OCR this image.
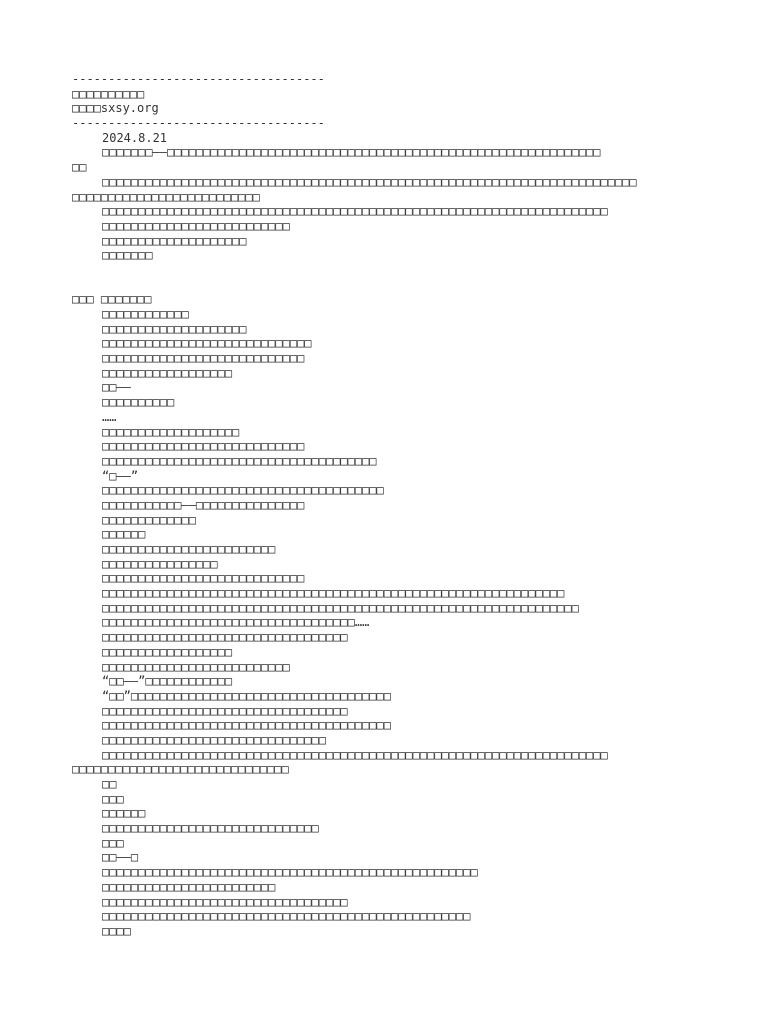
-----------------------------------
□□□□□□□□□□
□□□□sxsy.org
-----------------------------------
2024.8.21
□□□□□□□——□□□□□□□□□□□□□□□□□□□□□□□□□□□□□□□□□□□□□□□□□□□□□□□□□□□□□□□□□□□□
□□
□□□□□□□□□□□□□□□□□□□□□□□□□□□□□□□□□□□□□□□□□□□□□□□□□□□□□□□□□□□□□□□□□□□□□□□□□□
□□□□□□□□□□□□□□□□□□□□□□□□□□
□□□□□□□□□□□□□□□□□□□□□□□□□□□□□□□□□□□□□□□□□□□□□□□□□□□□□□□□□□□□□□□□□□□□□□
□□□□□□□□□□□□□□□□□□□□□□□□□□
□□□□□□□□□□□□□□□□□□□□
□□□□□□□
□□□ □□□□□□□
□□□□□□□□□□□□
□□□□□□□□□□□□□□□□□□□□
□□□□□□□□□□□□□□□□□□□□□□□□□□□□□
□□□□□□□□□□□□□□□□□□□□□□□□□□□□
□□□□□□□□□□□□□□□□□□
□□——
□□□□□□□□□□
……
□□□□□□□□□□□□□□□□□□□
□□□□□□□□□□□□□□□□□□□□□□□□□□□□
□□□□□□□□□□□□□□□□□□□□□□□□□□□□□□□□□□□□□□
“□——”
□□□□□□□□□□□□□□□□□□□□□□□□□□□□□□□□□□□□□□□
□□□□□□□□□□□——□□□□□□□□□□□□□□□
□□□□□□□□□□□□□
□□□□□□
□□□□□□□□□□□□□□□□□□□□□□□□
□□□□□□□□□□□□□□□□
□□□□□□□□□□□□□□□□□□□□□□□□□□□□
□□□□□□□□□□□□□□□□□□□□□□□□□□□□□□□□□□□□□□□□□□□□□□□□□□□□□□□□□□□□□□□□
□□□□□□□□□□□□□□□□□□□□□□□□□□□□□□□□□□□□□□□□□□□□□□□□□□□□□□□□□□□□□□□□□□
□□□□□□□□□□□□□□□□□□□□□□□□□□□□□□□□□□□……
□□□□□□□□□□□□□□□□□□□□□□□□□□□□□□□□□□
□□□□□□□□□□□□□□□□□□
□□□□□□□□□□□□□□□□□□□□□□□□□□
“□□——”□□□□□□□□□□□□
“□□”□□□□□□□□□□□□□□□□□□□□□□□□□□□□□□□□□□□□
□□□□□□□□□□□□□□□□□□□□□□□□□□□□□□□□□□
□□□□□□□□□□□□□□□□□□□□□□□□□□□□□□□□□□□□□□□□
□□□□□□□□□□□□□□□□□□□□□□□□□□□□□□□
□□□□□□□□□□□□□□□□□□□□□□□□□□□□□□□□□□□□□□□□□□□□□□□□□□□□□□□□□□□□□□□□□□□□□□
□□□□□□□□□□□□□□□□□□□□□□□□□□□□□□
□□
□□□
□□□□□□
□□□□□□□□□□□□□□□□□□□□□□□□□□□□□□
□□□
□□——□
□□□□□□□□□□□□□□□□□□□□□□□□□□□□□□□□□□□□□□□□□□□□□□□□□□□□
□□□□□□□□□□□□□□□□□□□□□□□□
□□□□□□□□□□□□□□□□□□□□□□□□□□□□□□□□□□
□□□□□□□□□□□□□□□□□□□□□□□□□□□□□□□□□□□□□□□□□□□□□□□□□□□
□□□□
